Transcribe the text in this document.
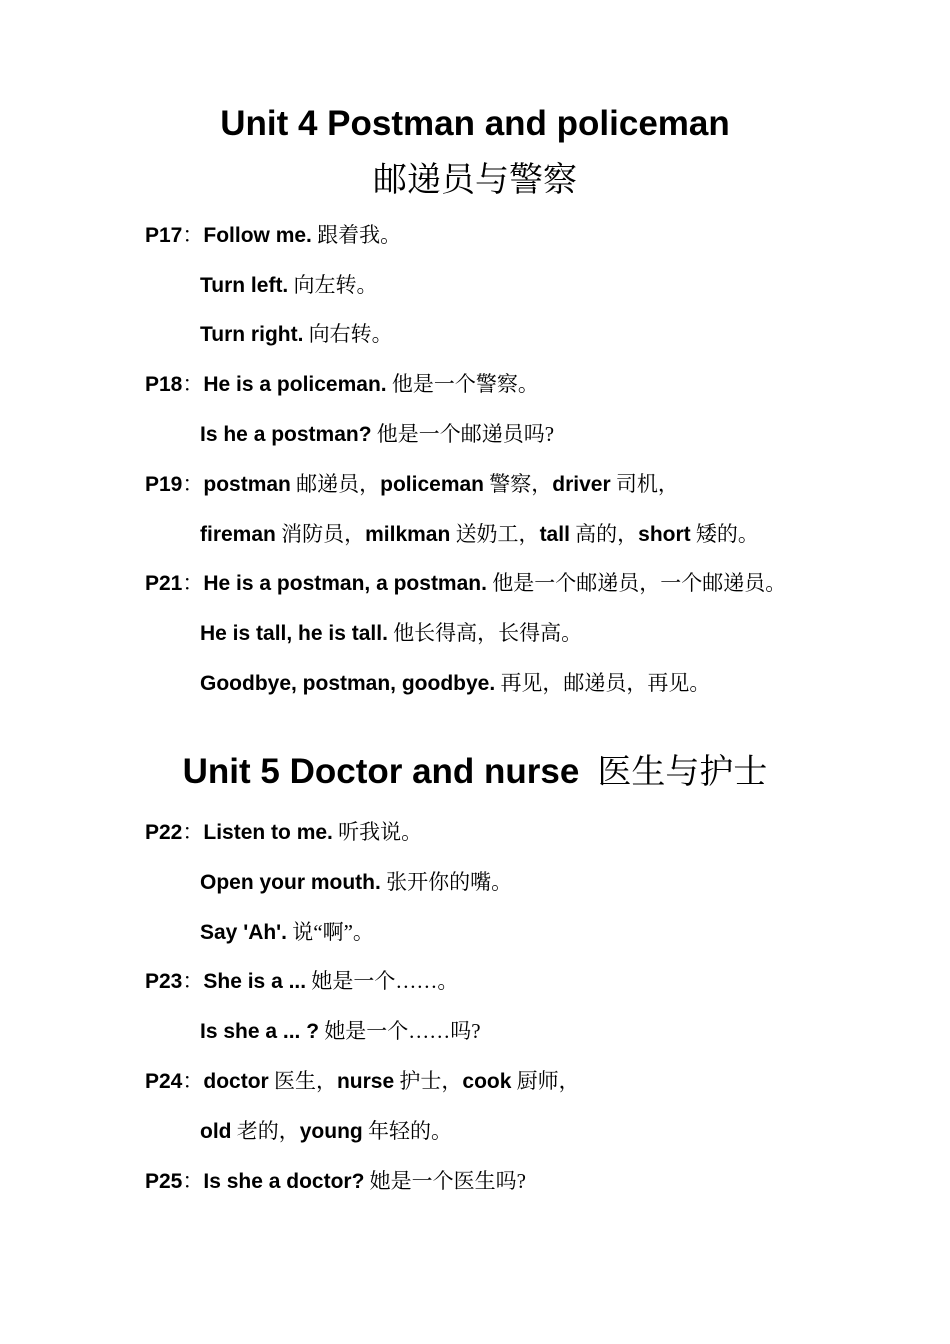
Unit 4 Postman and policeman
邮递员与警察
P17：Follow me. 跟着我。
Turn left. 向左转。
Turn right. 向右转。
P18：He is a policeman. 他是一个警察。
Is he a postman? 他是一个邮递员吗?
P19：postman 邮递员，policeman 警察，driver 司机，
fireman 消防员，milkman 送奶工，tall 高的，short 矮的。
P21：He is a postman, a postman. 他是一个邮递员，一个邮递员。
He is tall, he is tall. 他长得高，长得高。
Goodbye, postman, goodbye. 再见，邮递员，再见。
Unit 5 Doctor and nurse 医生与护士
P22：Listen to me. 听我说。
Open your mouth. 张开你的嘴。
Say 'Ah'. 说“啊”。
P23：She is a ... 她是一个……。
Is she a ... ? 她是一个……吗?
P24：doctor 医生，nurse 护士，cook 厨师，
old 老的，young 年轻的。
P25：Is she a doctor? 她是一个医生吗?
